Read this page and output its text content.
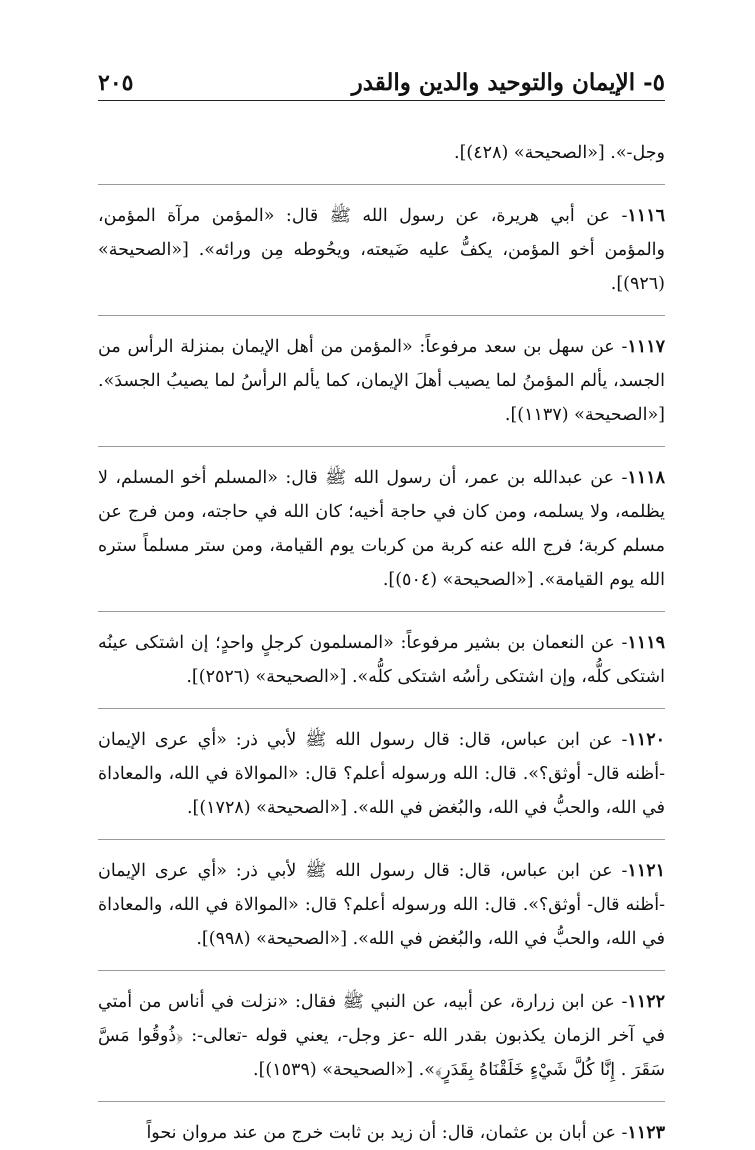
٢٠٥	٥- الإيمان والتوحيد والدين والقدر

وجل-». [«الصحيحة» (٤٢٨)].

١١١٦- عن أبي هريرة، عن رسول الله ﷺ قال: «المؤمن مرآة المؤمن، والمؤمن أخو المؤمن، يكفُّ عليه ضَيعته، ويحُوطه مِن ورائه». [«الصحيحة» (٩٢٦)].

١١١٧- عن سهل بن سعد مرفوعاً: «المؤمن من أهل الإيمان بمنزلة الرأس من الجسد، يألم المؤمنُ لما يصيب أهلَ الإيمان، كما يألم الرأسُ لما يصيبُ الجسدَ». [«الصحيحة» (١١٣٧)].

١١١٨- عن عبدالله بن عمر، أن رسول الله ﷺ قال: «المسلم أخو المسلم، لا يظلمه، ولا يسلمه، ومن كان في حاجة أخيه؛ كان الله في حاجته، ومن فرج عن مسلم كربة؛ فرج الله عنه كربة من كربات يوم القيامة، ومن ستر مسلماً ستره الله يوم القيامة». [«الصحيحة» (٥٠٤)].

١١١٩- عن النعمان بن بشير مرفوعاً: «المسلمون كرجلٍ واحدٍ؛ إن اشتكى عينُه اشتكى كلُّه، وإن اشتكى رأسُه اشتكى كلُّه». [«الصحيحة» (٢٥٢٦)].

١١٢٠- عن ابن عباس، قال: قال رسول الله ﷺ لأبي ذر: «أي عرى الإيمان -أظنه قال- أوثق؟». قال: الله ورسوله أعلم؟ قال: «الموالاة في الله، والمعاداة في الله، والحبُّ في الله، والبُغض في الله». [«الصحيحة» (١٧٢٨)].

١١٢١- عن ابن عباس، قال: قال رسول الله ﷺ لأبي ذر: «أي عرى الإيمان -أظنه قال- أوثق؟». قال: الله ورسوله أعلم؟ قال: «الموالاة في الله، والمعاداة في الله، والحبُّ في الله، والبُغض في الله». [«الصحيحة» (٩٩٨)].

١١٢٢- عن ابن زرارة، عن أبيه، عن النبي ﷺ فقال: «نزلت في أناس من أمتي في آخر الزمان يكذبون بقدر الله -عز وجل-، يعني قوله -تعالى-: ﴿ذُوقُوا مَسَّ سَقَرَ . إِنَّا كُلَّ شَيْءٍ خَلَقْنَاهُ بِقَدَرٍ﴾». [«الصحيحة» (١٥٣٩)].

١١٢٣- عن أبان بن عثمان، قال: أن زيد بن ثابت خرج من عند مروان نحواً
